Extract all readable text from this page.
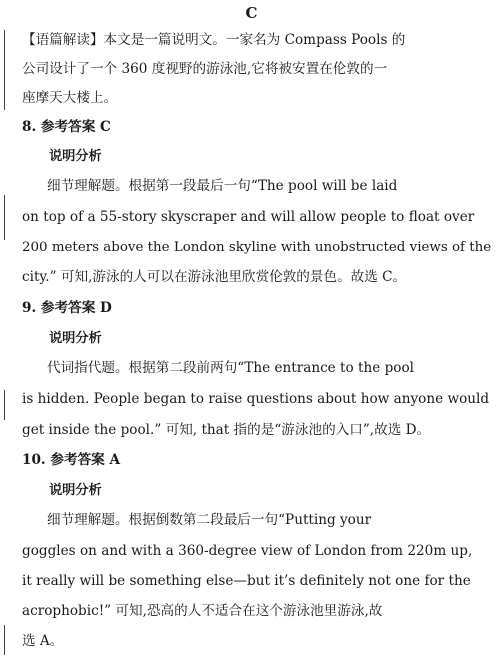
C
【语篇解读】本文是一篇说明文。一家名为 Compass Pools 的
公司设计了一个 360 度视野的游泳池,它将被安置在伦敦的一
座摩天大楼上。
8. 参考答案 C
说明分析
细节理解题。根据第一段最后一句“The pool will be laid
on top of a 55-story skyscraper and will allow people to float over
200 meters above the London skyline with unobstructed views of the
city.” 可知,游泳的人可以在游泳池里欣赏伦敦的景色。故选 C。
9. 参考答案 D
说明分析
代词指代题。根据第二段前两句“The entrance to the pool
is hidden. People began to raise questions about how anyone would
get inside the pool.” 可知, that 指的是“游泳池的入口”,故选 D。
10. 参考答案 A
说明分析
细节理解题。根据倒数第二段最后一句“Putting your
goggles on and with a 360-degree view of London from 220m up,
it really will be something else—but it’s definitely not one for the
acrophobic!” 可知,恐高的人不适合在这个游泳池里游泳,故
选 A。
